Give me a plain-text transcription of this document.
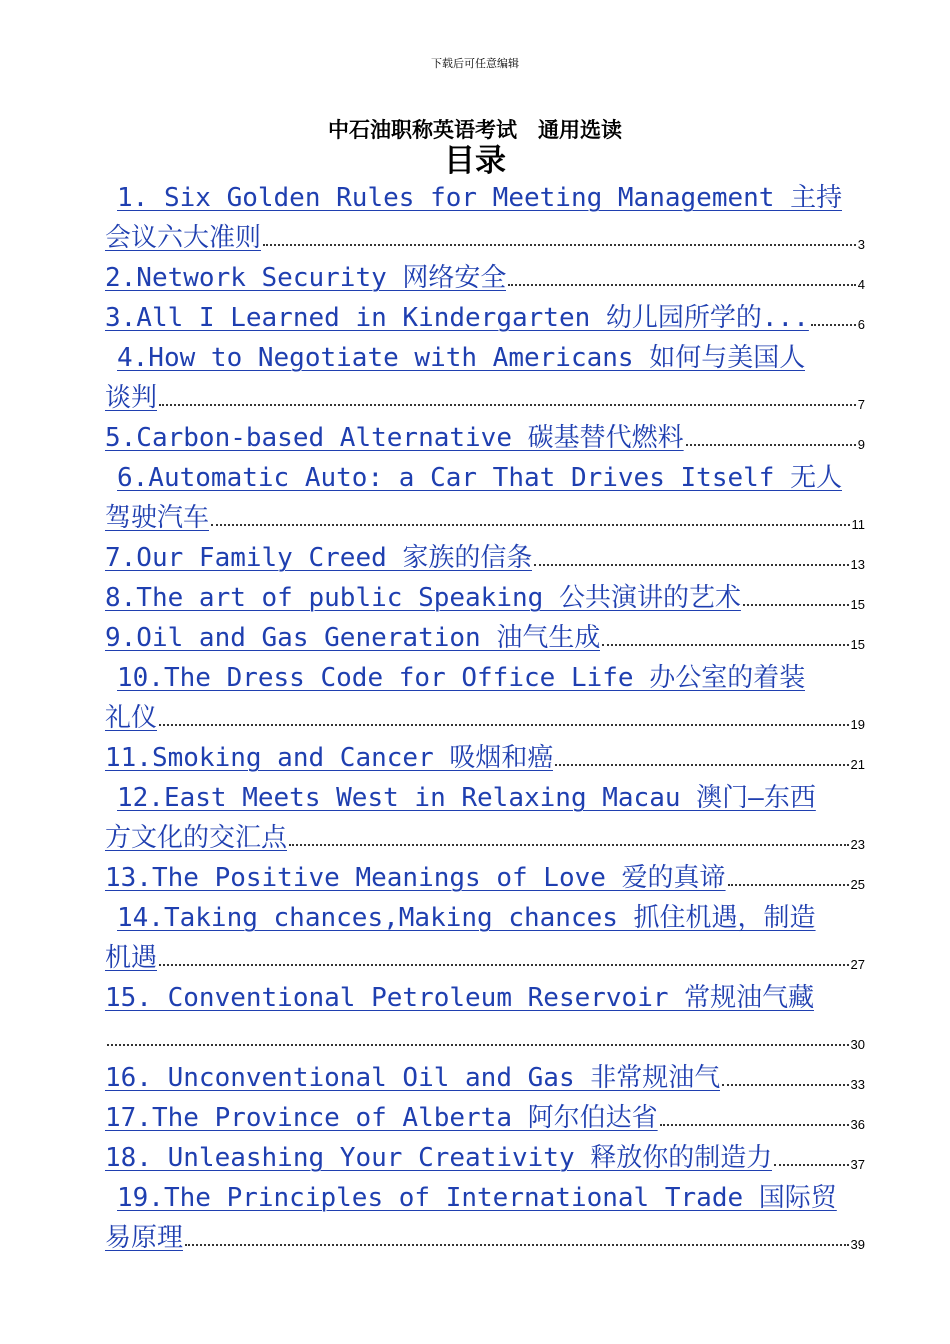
下载后可任意编辑
中石油职称英语考试　通用选读
目录
1. Six Golden Rules for Meeting Management 主持
会议六大准则	3
2.Network Security 网络安全	4
3.All I Learned in Kindergarten 幼儿园所学的...	6
4.How to Negotiate with Americans 如何与美国人
谈判	7
5.Carbon-based Alternative 碳基替代燃料	9
6.Automatic Auto: a Car That Drives Itself 无人
驾驶汽车	11
7.Our Family Creed 家族的信条	13
8.The art of public Speaking 公共演讲的艺术	15
9.Oil and Gas Generation 油气生成	15
10.The Dress Code for Office Life 办公室的着装
礼仪	19
11.Smoking and Cancer 吸烟和癌	21
12.East Meets West in Relaxing Macau 澳门—东西
方文化的交汇点	23
13.The Positive Meanings of Love 爱的真谛	25
14.Taking chances,Making chances 抓住机遇，制造
机遇	27
15. Conventional Petroleum Reservoir 常规油气藏
30
16. Unconventional Oil and Gas 非常规油气	33
17.The Province of Alberta 阿尔伯达省	36
18. Unleashing Your Creativity 释放你的制造力	37
19.The Principles of International Trade 国际贸
易原理	39
